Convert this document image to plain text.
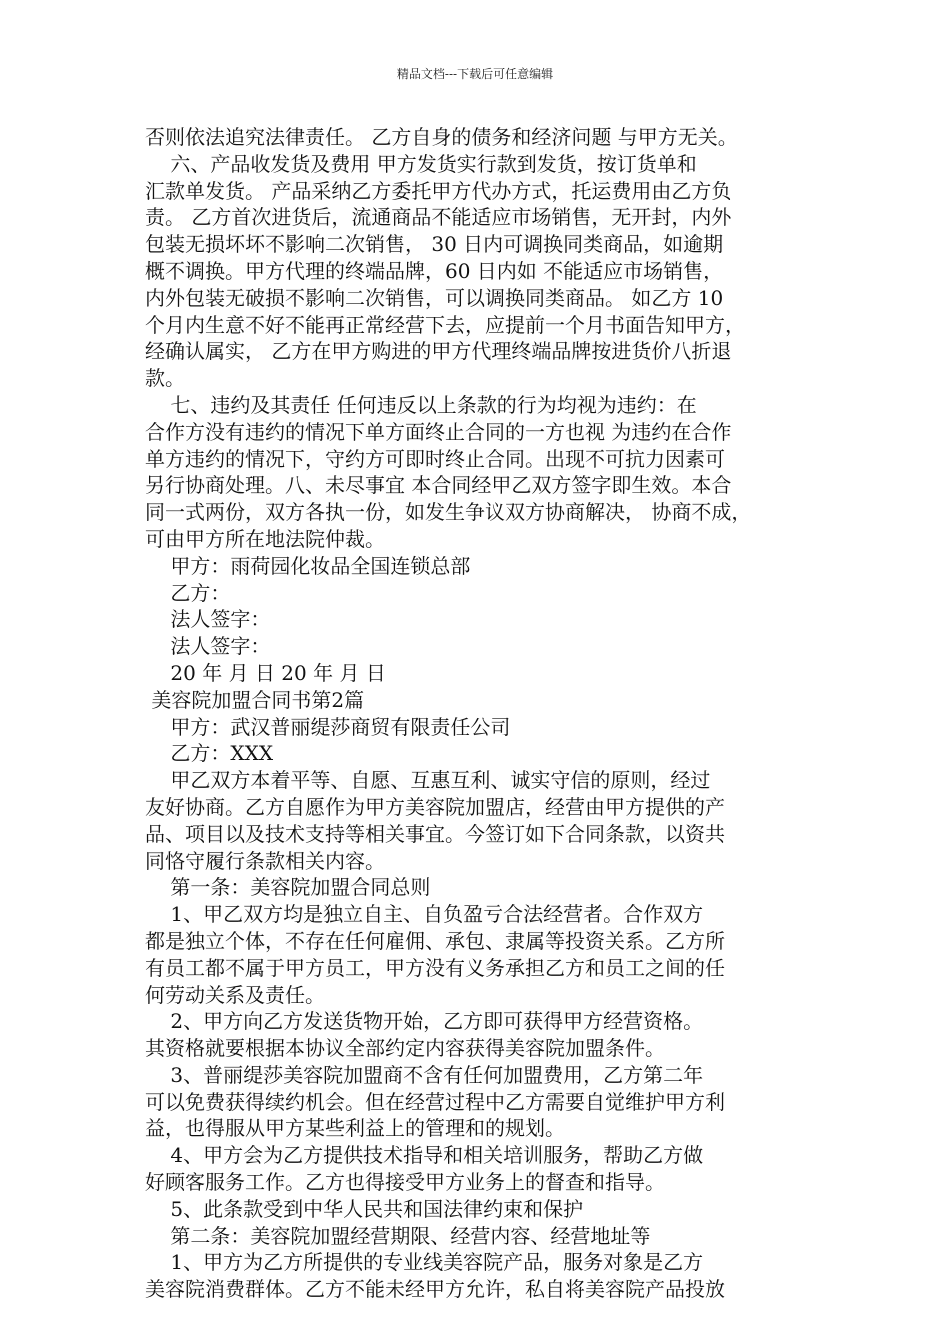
精品文档---下载后可任意编辑
否则依法追究法律责任。 乙方自身的债务和经济问题 与甲方无关。
六、产品收发货及费用 甲方发货实行款到发货，按订货单和
汇款单发货。 产品采纳乙方委托甲方代办方式，托运费用由乙方负
责。 乙方首次进货后，流通商品不能适应市场销售，无开封，内外
包装无损坏坏不影响二次销售， 30 日内可调换同类商品，如逾期
概不调换。甲方代理的终端品牌，60 日内如 不能适应市场销售，
内外包装无破损不影响二次销售，可以调换同类商品。 如乙方 10
个月内生意不好不能再正常经营下去，应提前一个月书面告知甲方，
经确认属实， 乙方在甲方购进的甲方代理终端品牌按进货价八折退
款。
七、违约及其责任 任何违反以上条款的行为均视为违约：在
合作方没有违约的情况下单方面终止合同的一方也视 为违约在合作
单方违约的情况下，守约方可即时终止合同。出现不可抗力因素可
另行协商处理。八、未尽事宜 本合同经甲乙双方签字即生效。本合
同一式两份，双方各执一份，如发生争议双方协商解决， 协商不成，
可由甲方所在地法院仲裁。
甲方：雨荷园化妆品全国连锁总部
乙方：
法人签字：
法人签字：
20 年 月 日 20 年 月 日
美容院加盟合同书第2篇
甲方：武汉普丽缇莎商贸有限责任公司
乙方：XXX
甲乙双方本着平等、自愿、互惠互利、诚实守信的原则，经过
友好协商。乙方自愿作为甲方美容院加盟店，经营由甲方提供的产
品、项目以及技术支持等相关事宜。今签订如下合同条款，以资共
同恪守履行条款相关内容。
第一条：美容院加盟合同总则
1、甲乙双方均是独立自主、自负盈亏合法经营者。合作双方
都是独立个体，不存在任何雇佣、承包、隶属等投资关系。乙方所
有员工都不属于甲方员工，甲方没有义务承担乙方和员工之间的任
何劳动关系及责任。
2、甲方向乙方发送货物开始，乙方即可获得甲方经营资格。
其资格就要根据本协议全部约定内容获得美容院加盟条件。
3、普丽缇莎美容院加盟商不含有任何加盟费用，乙方第二年
可以免费获得续约机会。但在经营过程中乙方需要自觉维护甲方利
益，也得服从甲方某些利益上的管理和的规划。
4、甲方会为乙方提供技术指导和相关培训服务，帮助乙方做
好顾客服务工作。乙方也得接受甲方业务上的督查和指导。
5、此条款受到中华人民共和国法律约束和保护
第二条：美容院加盟经营期限、经营内容、经营地址等
1、甲方为乙方所提供的专业线美容院产品，服务对象是乙方
美容院消费群体。乙方不能未经甲方允许，私自将美容院产品投放
